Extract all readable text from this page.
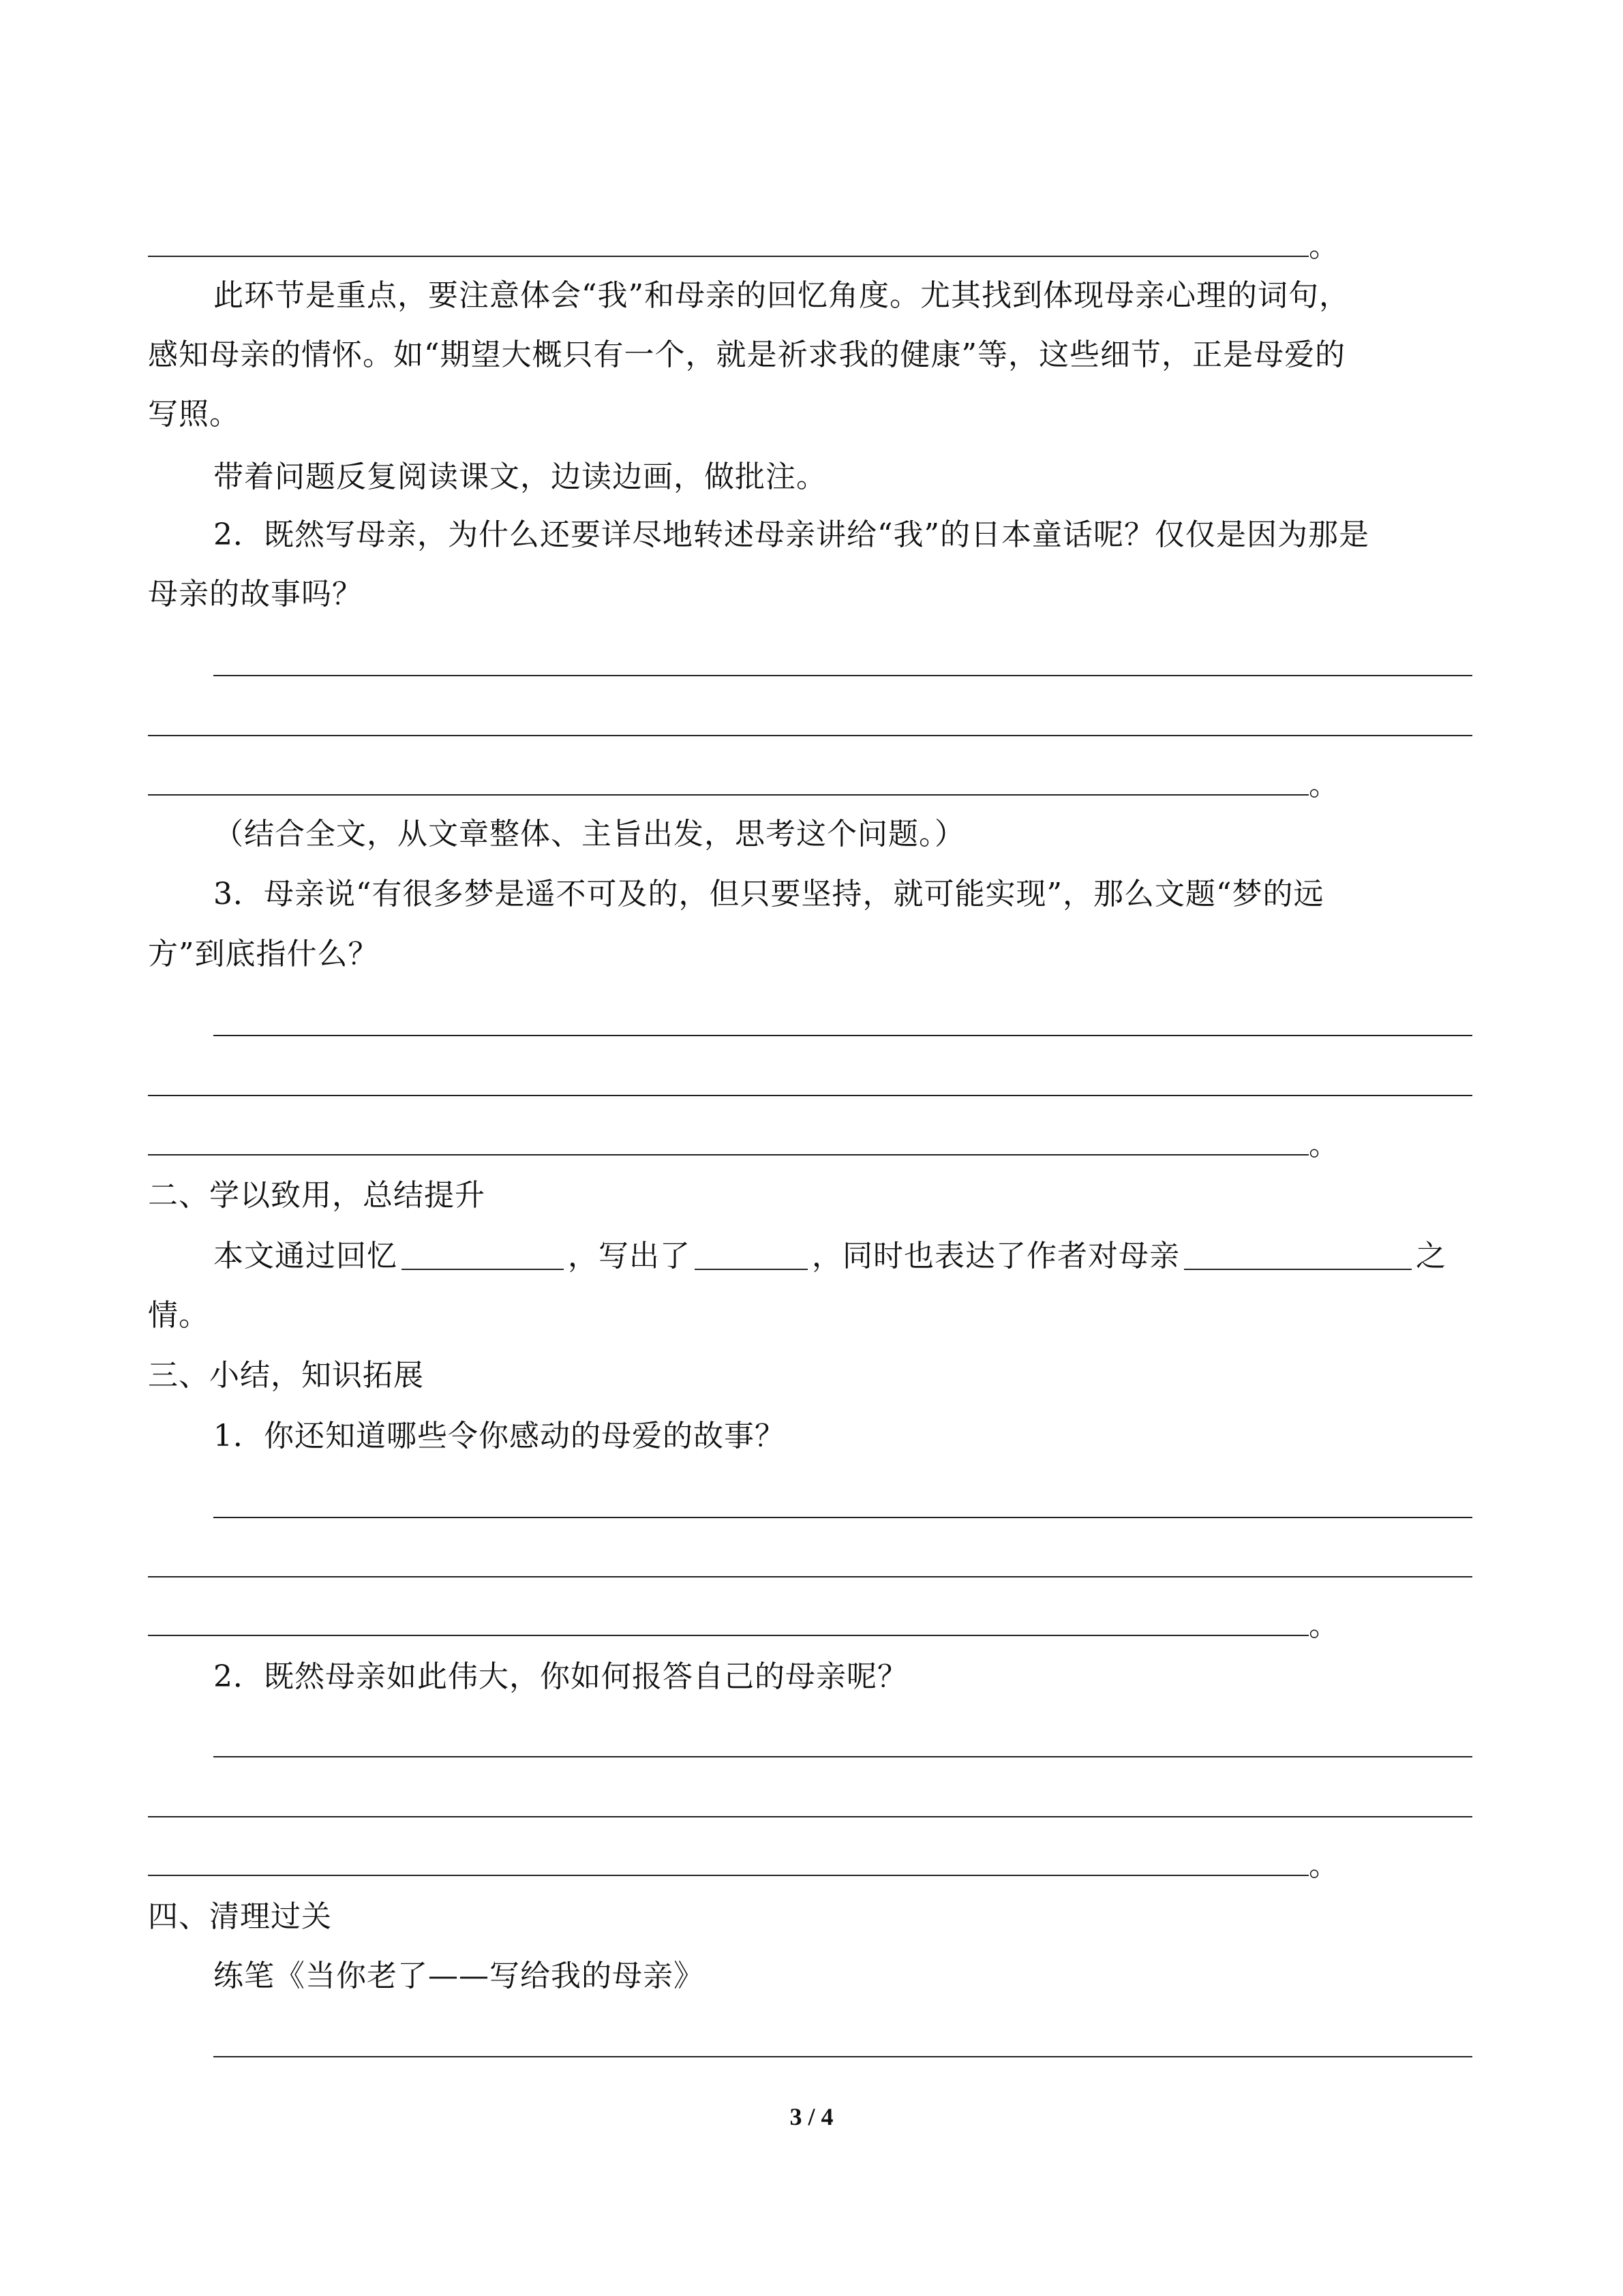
。
此环节是重点，要注意体会“我”和母亲的回忆角度。尤其找到体现母亲心理的词句，
感知母亲的情怀。如“期望大概只有一个，就是祈求我的健康”等，这些细节，正是母爱的
写照。
带着问题反复阅读课文，边读边画，做批注。
2．既然写母亲，为什么还要详尽地转述母亲讲给“我”的日本童话呢？仅仅是因为那是
母亲的故事吗？
。
（结合全文，从文章整体、主旨出发，思考这个问题。）
3．母亲说“有很多梦是遥不可及的，但只要坚持，就可能实现”，那么文题“梦的远
方”到底指什么？
。
二、学以致用，总结提升
本文通过回忆	，写出了	，同时也表达了作者对母亲	之
情。
三、小结，知识拓展
1．你还知道哪些令你感动的母爱的故事？
。
2．既然母亲如此伟大，你如何报答自己的母亲呢？
。
四、清理过关
练笔《当你老了——写给我的母亲》
3 / 4
